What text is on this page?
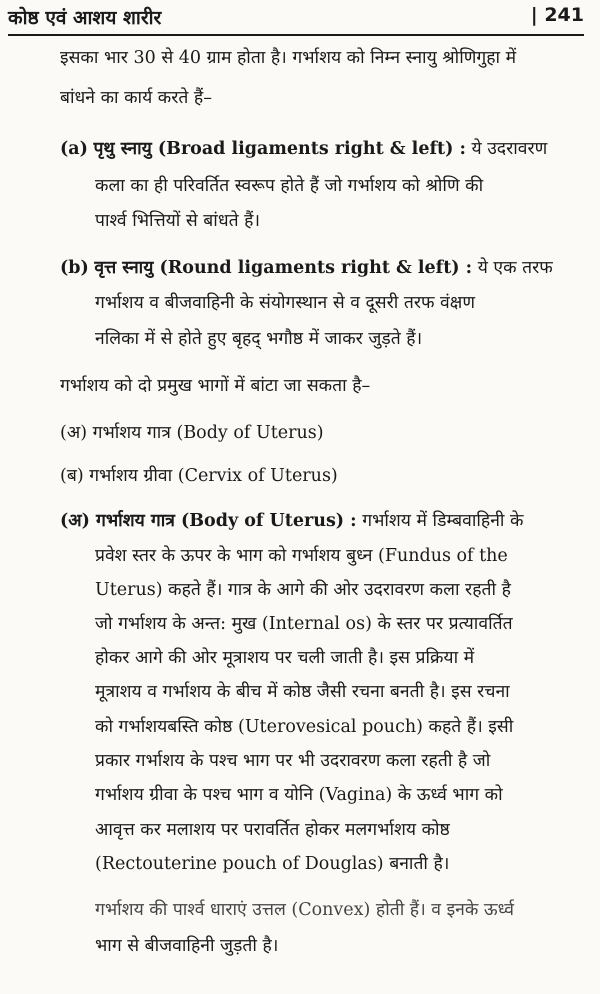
कोष्ठ एवं आशय शारीर	| 241
इसका भार 30 से 40 ग्राम होता है। गर्भाशय को निम्न स्नायु श्रोणिगुहा में
बांधने का कार्य करते हैं–
(a) पृथु स्नायु (Broad ligaments right & left) : ये उदरावरण
कला का ही परिवर्तित स्वरूप होते हैं जो गर्भाशय को श्रोणि की
पार्श्व भित्तियों से बांधते हैं।
(b) वृत्त स्नायु (Round ligaments right & left) : ये एक तरफ
गर्भाशय व बीजवाहिनी के संयोगस्थान से व दूसरी तरफ वंक्षण
नलिका में से होते हुए बृहद् भगौष्ठ में जाकर जुड़ते हैं।
गर्भाशय को दो प्रमुख भागों में बांटा जा सकता है–
(अ) गर्भाशय गात्र (Body of Uterus)
(ब) गर्भाशय ग्रीवा (Cervix of Uterus)
(अ) गर्भाशय गात्र (Body of Uterus) : गर्भाशय में डिम्बवाहिनी के
प्रवेश स्तर के ऊपर के भाग को गर्भाशय बुध्न (Fundus of the
Uterus) कहते हैं। गात्र के आगे की ओर उदरावरण कला रहती है
जो गर्भाशय के अन्त: मुख (Internal os) के स्तर पर प्रत्यावर्तित
होकर आगे की ओर मूत्राशय पर चली जाती है। इस प्रक्रिया में
मूत्राशय व गर्भाशय के बीच में कोष्ठ जैसी रचना बनती है। इस रचना
को गर्भाशयबस्ति कोष्ठ (Uterovesical pouch) कहते हैं। इसी
प्रकार गर्भाशय के पश्च भाग पर भी उदरावरण कला रहती है जो
गर्भाशय ग्रीवा के पश्च भाग व योनि (Vagina) के ऊर्ध्व भाग को
आवृत्त कर मलाशय पर परावर्तित होकर मलगर्भाशय कोष्ठ
(Rectouterine pouch of Douglas) बनाती है।
गर्भाशय की पार्श्व धाराएं उत्तल (Convex) होती हैं। व इनके ऊर्ध्व
भाग से बीजवाहिनी जुड़ती है।
